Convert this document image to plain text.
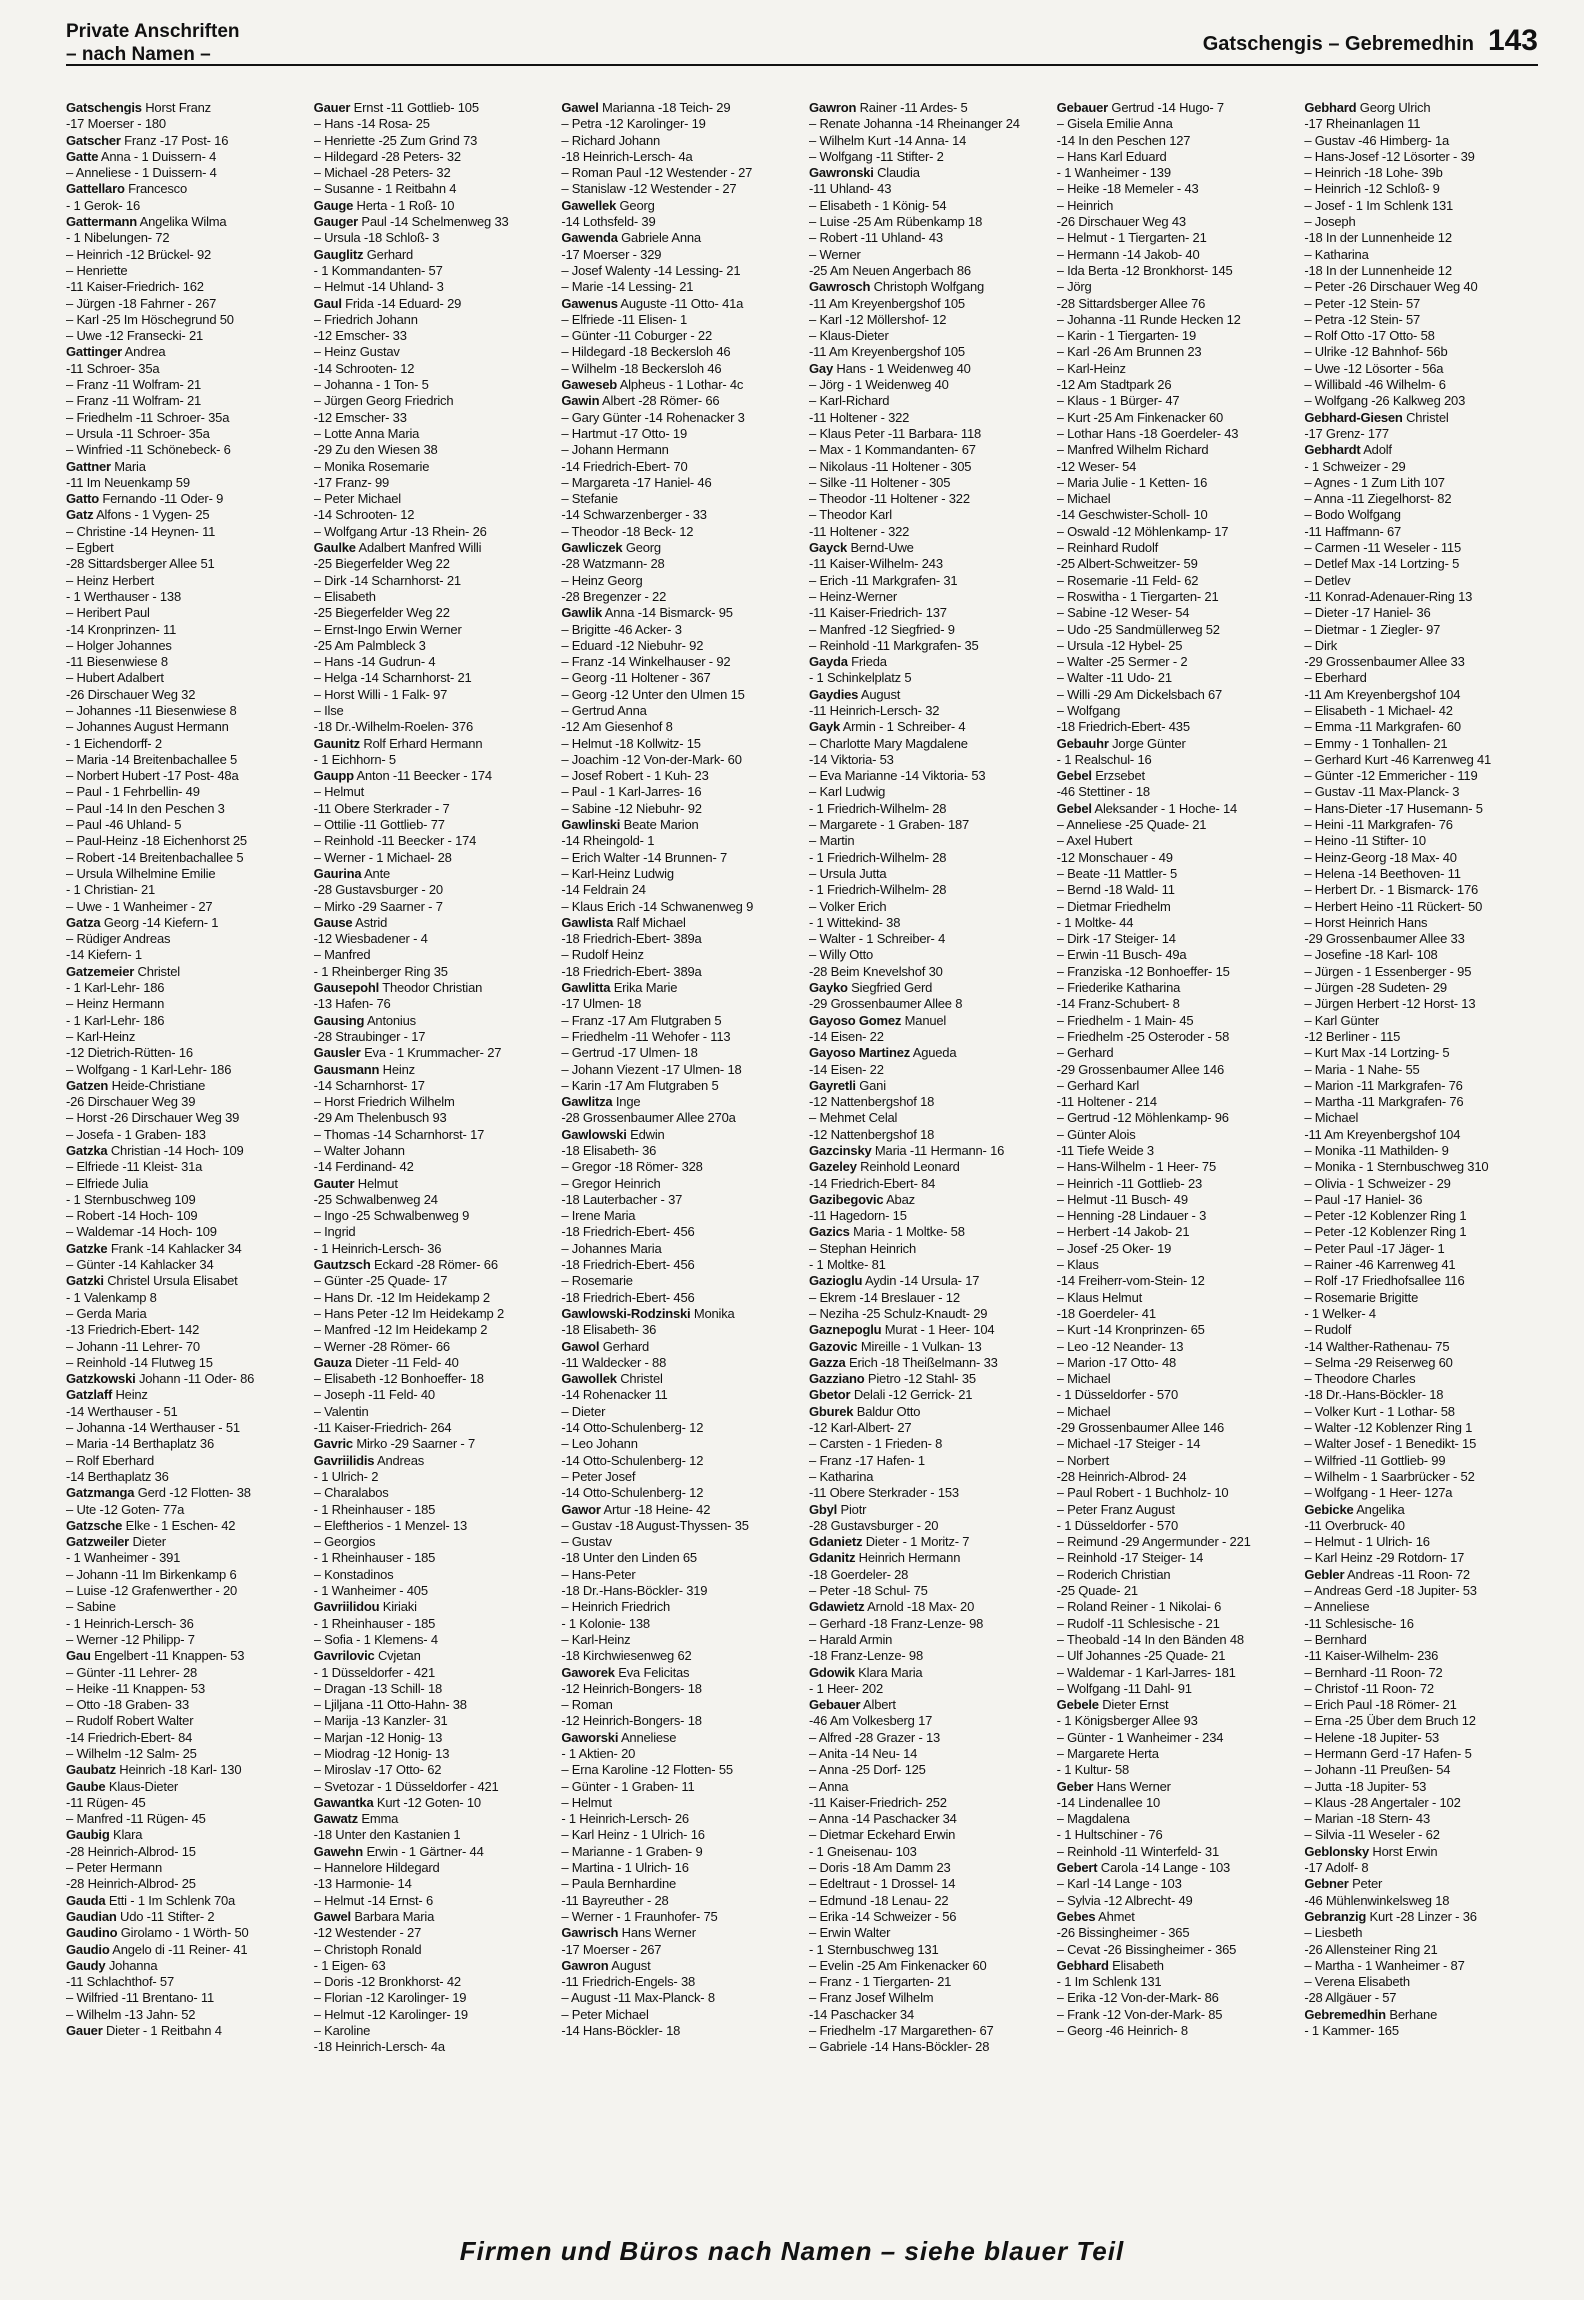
Private Anschriften
– nach Namen –	Gatschengis – Gebremedhin 143
Gatschengis Horst Franz
-17 Moerser - 180
Gatscher Franz -17 Post- 16
Gatte Anna - 1 Duissern- 4
– Anneliese - 1 Duissern- 4
Gattellaro Francesco
- 1 Gerok- 16
Gattermann Angelika Wilma
- 1 Nibelungen- 72
– Heinrich -12 Brückel- 92
– Henriette
-11 Kaiser-Friedrich- 162
– Jürgen -18 Fahrner - 267
– Karl -25 Im Höschegrund 50
– Uwe -12 Fransecki- 21
Gattinger Andrea
-11 Schroer- 35a
– Franz -11 Wolfram- 21
– Franz -11 Wolfram- 21
– Friedhelm -11 Schroer- 35a
– Ursula -11 Schroer- 35a
– Winfried -11 Schönebeck- 6
Gattner Maria
-11 Im Neuenkamp 59
Gatto Fernando -11 Oder- 9
Gatz Alfons - 1 Vygen- 25
– Christine -14 Heynen- 11
– Egbert
-28 Sittardsberger Allee 51
– Heinz Herbert
- 1 Werthauser - 138
– Heribert Paul
-14 Kronprinzen- 11
– Holger Johannes
-11 Biesenwiese 8
– Hubert Adalbert
-26 Dirschauer Weg 32
– Johannes -11 Biesenwiese 8
– Johannes August Hermann
- 1 Eichendorff- 2
– Maria -14 Breitenbachallee 5
– Norbert Hubert -17 Post- 48a
– Paul - 1 Fehrbellin- 49
– Paul -14 In den Peschen 3
– Paul -46 Uhland- 5
– Paul-Heinz -18 Eichenhorst 25
– Robert -14 Breitenbachallee 5
– Ursula Wilhelmine Emilie
- 1 Christian- 21
– Uwe - 1 Wanheimer - 27
Gatza Georg -14 Kiefern- 1
– Rüdiger Andreas
-14 Kiefern- 1
Gatzemeier Christel
- 1 Karl-Lehr- 186
– Heinz Hermann
- 1 Karl-Lehr- 186
– Karl-Heinz
-12 Dietrich-Rütten- 16
– Wolfgang - 1 Karl-Lehr- 186
Gatzen Heide-Christiane
-26 Dirschauer Weg 39
– Horst -26 Dirschauer Weg 39
– Josefa - 1 Graben- 183
Gatzka Christian -14 Hoch- 109
– Elfriede -11 Kleist- 31a
– Elfriede Julia
- 1 Sternbuschweg 109
– Robert -14 Hoch- 109
– Waldemar -14 Hoch- 109
Gatzke Frank -14 Kahlacker 34
– Günter -14 Kahlacker 34
Gatzki Christel Ursula Elisabet
- 1 Valenkamp 8
– Gerda Maria
-13 Friedrich-Ebert- 142
– Johann -11 Lehrer- 70
– Reinhold -14 Flutweg 15
Gatzkowski Johann -11 Oder- 86
Gatzlaff Heinz
-14 Werthauser - 51
– Johanna -14 Werthauser - 51
– Maria -14 Berthaplatz 36
– Rolf Eberhard
-14 Berthaplatz 36
Gatzmanga Gerd -12 Flotten- 38
– Ute -12 Goten- 77a
Gatzsche Elke - 1 Eschen- 42
Gatzweiler Dieter
- 1 Wanheimer - 391
– Johann -11 Im Birkenkamp 6
– Luise -12 Grafenwerther - 20
– Sabine
- 1 Heinrich-Lersch- 36
– Werner -12 Philipp- 7
Gau Engelbert -11 Knappen- 53
– Günter -11 Lehrer- 28
– Heike -11 Knappen- 53
– Otto -18 Graben- 33
– Rudolf Robert Walter
-14 Friedrich-Ebert- 84
– Wilhelm -12 Salm- 25
Gaubatz Heinrich -18 Karl- 130
Gaube Klaus-Dieter
-11 Rügen- 45
– Manfred -11 Rügen- 45
Gaubig Klara
-28 Heinrich-Albrod- 15
– Peter Hermann
-28 Heinrich-Albrod- 25
Gauda Etti - 1 Im Schlenk 70a
Gaudian Udo -11 Stifter- 2
Gaudino Girolamo - 1 Wörth- 50
Gaudio Angelo di -11 Reiner- 41
Gaudy Johanna
-11 Schlachthof- 57
– Wilfried -11 Brentano- 11
– Wilhelm -13 Jahn- 52
Gauer Dieter - 1 Reitbahn 4
Gauer Ernst -11 Gottlieb- 105
– Hans -14 Rosa- 25
– Henriette -25 Zum Grind 73
– Hildegard -28 Peters- 32
– Michael -28 Peters- 32
– Susanne - 1 Reitbahn 4
Gauge Herta - 1 Roß- 10
Gauger Paul -14 Schelmenweg 33
– Ursula -18 Schloß- 3
Gauglitz Gerhard
- 1 Kommandanten- 57
– Helmut -14 Uhland- 3
Gaul Frida -14 Eduard- 29
– Friedrich Johann
-12 Emscher- 33
– Heinz Gustav
-14 Schrooten- 12
– Johanna - 1 Ton- 5
– Jürgen Georg Friedrich
-12 Emscher- 33
– Lotte Anna Maria
-29 Zu den Wiesen 38
– Monika Rosemarie
-17 Franz- 99
– Peter Michael
-14 Schrooten- 12
– Wolfgang Artur -13 Rhein- 26
Gaulke Adalbert Manfred Willi
-25 Biegerfelder Weg 22
– Dirk -14 Scharnhorst- 21
– Elisabeth
-25 Biegerfelder Weg 22
– Ernst-Ingo Erwin Werner
-25 Am Palmbleck 3
– Hans -14 Gudrun- 4
– Helga -14 Scharnhorst- 21
– Horst Willi - 1 Falk- 97
– Ilse
-18 Dr.-Wilhelm-Roelen- 376
Gaunitz Rolf Erhard Hermann
- 1 Eichhorn- 5
Gaupp Anton -11 Beecker - 174
– Helmut
-11 Obere Sterkrader - 7
– Ottilie -11 Gottlieb- 77
– Reinhold -11 Beecker - 174
– Werner - 1 Michael- 28
Gaurina Ante
-28 Gustavsburger - 20
– Mirko -29 Saarner - 7
Gause Astrid
-12 Wiesbadener - 4
– Manfred
- 1 Rheinberger Ring 35
Gausepohl Theodor Christian
-13 Hafen- 76
Gausing Antonius
-28 Straubinger - 17
Gausler Eva - 1 Krummacher- 27
Gausmann Heinz
-14 Scharnhorst- 17
– Horst Friedrich Wilhelm
-29 Am Thelenbusch 93
– Thomas -14 Scharnhorst- 17
– Walter Johann
-14 Ferdinand- 42
Gauter Helmut
-25 Schwalbenweg 24
– Ingo -25 Schwalbenweg 9
– Ingrid
- 1 Heinrich-Lersch- 36
Gautzsch Eckard -28 Römer- 66
– Günter -25 Quade- 17
– Hans Dr. -12 Im Heidekamp 2
– Hans Peter -12 Im Heidekamp 2
– Manfred -12 Im Heidekamp 2
– Werner -28 Römer- 66
Gauza Dieter -11 Feld- 40
– Elisabeth -12 Bonhoeffer- 18
– Joseph -11 Feld- 40
– Valentin
-11 Kaiser-Friedrich- 264
Gavric Mirko -29 Saarner - 7
Gavriilidis Andreas
- 1 Ulrich- 2
– Charalabos
- 1 Rheinhauser - 185
– Eleftherios - 1 Menzel- 13
– Georgios
- 1 Rheinhauser - 185
– Konstadinos
- 1 Wanheimer - 405
Gavriilidou Kiriaki
- 1 Rheinhauser - 185
– Sofia - 1 Klemens- 4
Gavrilovic Cvjetan
- 1 Düsseldorfer - 421
– Dragan -13 Schill- 18
– Ljiljana -11 Otto-Hahn- 38
– Marija -13 Kanzler- 31
– Marjan -12 Honig- 13
– Miodrag -12 Honig- 13
– Miroslav -17 Otto- 62
– Svetozar - 1 Düsseldorfer - 421
Gawantka Kurt -12 Goten- 10
Gawatz Emma
-18 Unter den Kastanien 1
Gawehn Erwin - 1 Gärtner- 44
– Hannelore Hildegard
-13 Harmonie- 14
– Helmut -14 Ernst- 6
Gawel Barbara Maria
-12 Westender - 27
– Christoph Ronald
- 1 Eigen- 63
– Doris -12 Bronkhorst- 42
– Florian -12 Karolinger- 19
– Helmut -12 Karolinger- 19
– Karoline
-18 Heinrich-Lersch- 4a
Gawel Marianna -18 Teich- 29
– Petra -12 Karolinger- 19
– Richard Johann
-18 Heinrich-Lersch- 4a
– Roman Paul -12 Westender - 27
– Stanislaw -12 Westender - 27
Gawellek Georg
-14 Lothsfeld- 39
Gawenda Gabriele Anna
-17 Moerser - 329
– Josef Walenty -14 Lessing- 21
– Marie -14 Lessing- 21
Gawenus Auguste -11 Otto- 41a
– Elfriede -11 Elisen- 1
– Günter -11 Coburger - 22
– Hildegard -18 Beckersloh 46
– Wilhelm -18 Beckersloh 46
Gaweseb Alpheus - 1 Lothar- 4c
Gawin Albert -28 Römer- 66
– Gary Günter -14 Rohenacker 3
– Hartmut -17 Otto- 19
– Johann Hermann
-14 Friedrich-Ebert- 70
– Margareta -17 Haniel- 46
– Stefanie
-14 Schwarzenberger - 33
– Theodor -18 Beck- 12
Gawliczek Georg
-28 Watzmann- 28
– Heinz Georg
-28 Bregenzer - 22
Gawlik Anna -14 Bismarck- 95
– Brigitte -46 Acker- 3
– Eduard -12 Niebuhr- 92
– Franz -14 Winkelhauser - 92
– Georg -11 Holtener - 367
– Georg -12 Unter den Ulmen 15
– Gertrud Anna
-12 Am Giesenhof 8
– Helmut -18 Kollwitz- 15
– Joachim -12 Von-der-Mark- 60
– Josef Robert - 1 Kuh- 23
– Paul - 1 Karl-Jarres- 16
– Sabine -12 Niebuhr- 92
Gawlinski Beate Marion
-14 Rheingold- 1
– Erich Walter -14 Brunnen- 7
– Karl-Heinz Ludwig
-14 Feldrain 24
– Klaus Erich -14 Schwanenweg 9
Gawlista Ralf Michael
-18 Friedrich-Ebert- 389a
– Rudolf Heinz
-18 Friedrich-Ebert- 389a
Gawlitta Erika Marie
-17 Ulmen- 18
– Franz -17 Am Flutgraben 5
– Friedhelm -11 Wehofer - 113
– Gertrud -17 Ulmen- 18
– Johann Viezent -17 Ulmen- 18
– Karin -17 Am Flutgraben 5
Gawlitza Inge
-28 Grossenbaumer Allee 270a
Gawlowski Edwin
-18 Elisabeth- 36
– Gregor -18 Römer- 328
– Gregor Heinrich
-18 Lauterbacher - 37
– Irene Maria
-18 Friedrich-Ebert- 456
– Johannes Maria
-18 Friedrich-Ebert- 456
– Rosemarie
-18 Friedrich-Ebert- 456
Gawlowski-Rodzinski Monika
-18 Elisabeth- 36
Gawol Gerhard
-11 Waldecker - 88
Gawollek Christel
-14 Rohenacker 11
– Dieter
-14 Otto-Schulenberg- 12
– Leo Johann
-14 Otto-Schulenberg- 12
– Peter Josef
-14 Otto-Schulenberg- 12
Gawor Artur -18 Heine- 42
– Gustav -18 August-Thyssen- 35
– Gustav
-18 Unter den Linden 65
– Hans-Peter
-18 Dr.-Hans-Böckler- 319
– Heinrich Friedrich
- 1 Kolonie- 138
– Karl-Heinz
-18 Kirchwiesenweg 62
Gaworek Eva Felicitas
-12 Heinrich-Bongers- 18
– Roman
-12 Heinrich-Bongers- 18
Gaworski Anneliese
- 1 Aktien- 20
– Erna Karoline -12 Flotten- 55
– Günter - 1 Graben- 11
– Helmut
- 1 Heinrich-Lersch- 26
– Karl Heinz - 1 Ulrich- 16
– Marianne - 1 Graben- 9
– Martina - 1 Ulrich- 16
– Paula Bernhardine
-11 Bayreuther - 28
– Werner - 1 Fraunhofer- 75
Gawrisch Hans Werner
-17 Moerser - 267
Gawron August
-11 Friedrich-Engels- 38
– August -11 Max-Planck- 8
– Peter Michael
-14 Hans-Böckler- 18
Gawron Rainer -11 Ardes- 5
– Renate Johanna -14 Rheinanger 24
– Wilhelm Kurt -14 Anna- 14
– Wolfgang -11 Stifter- 2
Gawronski Claudia
-11 Uhland- 43
– Elisabeth - 1 König- 54
– Luise -25 Am Rübenkamp 18
– Robert -11 Uhland- 43
– Werner
-25 Am Neuen Angerbach 86
Gawrosch Christoph Wolfgang
-11 Am Kreyenbergshof 105
– Karl -12 Möllershof- 12
– Klaus-Dieter
-11 Am Kreyenbergshof 105
Gay Hans - 1 Weidenweg 40
– Jörg - 1 Weidenweg 40
– Karl-Richard
-11 Holtener - 322
– Klaus Peter -11 Barbara- 118
– Max - 1 Kommandanten- 67
– Nikolaus -11 Holtener - 305
– Silke -11 Holtener - 305
– Theodor -11 Holtener - 322
– Theodor Karl
-11 Holtener - 322
Gayck Bernd-Uwe
-11 Kaiser-Wilhelm- 243
– Erich -11 Markgrafen- 31
– Heinz-Werner
-11 Kaiser-Friedrich- 137
– Manfred -12 Siegfried- 9
– Reinhold -11 Markgrafen- 35
Gayda Frieda
- 1 Schinkelplatz 5
Gaydies August
-11 Heinrich-Lersch- 32
Gayk Armin - 1 Schreiber- 4
– Charlotte Mary Magdalene
-14 Viktoria- 53
– Eva Marianne -14 Viktoria- 53
– Karl Ludwig
- 1 Friedrich-Wilhelm- 28
– Margarete - 1 Graben- 187
– Martin
- 1 Friedrich-Wilhelm- 28
– Ursula Jutta
- 1 Friedrich-Wilhelm- 28
– Volker Erich
- 1 Wittekind- 38
– Walter - 1 Schreiber- 4
– Willy Otto
-28 Beim Knevelshof 30
Gayko Siegfried Gerd
-29 Grossenbaumer Allee 8
Gayoso Gomez Manuel
-14 Eisen- 22
Gayoso Martinez Agueda
-14 Eisen- 22
Gayretli Gani
-12 Nattenbergshof 18
– Mehmet Celal
-12 Nattenbergshof 18
Gazcinsky Maria -11 Hermann- 16
Gazeley Reinhold Leonard
-14 Friedrich-Ebert- 84
Gazibegovic Abaz
-11 Hagedorn- 15
Gazics Maria - 1 Moltke- 58
– Stephan Heinrich
- 1 Moltke- 81
Gazioglu Aydin -14 Ursula- 17
– Ekrem -14 Breslauer - 12
– Neziha -25 Schulz-Knaudt- 29
Gaznepoglu Murat - 1 Heer- 104
Gazovic Mireille - 1 Vulkan- 13
Gazza Erich -18 Theißelmann- 33
Gazziano Pietro -12 Stahl- 35
Gbetor Delali -12 Gerrick- 21
Gburek Baldur Otto
-12 Karl-Albert- 27
– Carsten - 1 Frieden- 8
– Franz -17 Hafen- 1
– Katharina
-11 Obere Sterkrader - 153
Gbyl Piotr
-28 Gustavsburger - 20
Gdanietz Dieter - 1 Moritz- 7
Gdanitz Heinrich Hermann
-18 Goerdeler- 28
– Peter -18 Schul- 75
Gdawietz Arnold -18 Max- 20
– Gerhard -18 Franz-Lenze- 98
– Harald Armin
-18 Franz-Lenze- 98
Gdowik Klara Maria
- 1 Heer- 202
Gebauer Albert
-46 Am Volkesberg 17
– Alfred -28 Grazer - 13
– Anita -14 Neu- 14
– Anna -25 Dorf- 125
– Anna
-11 Kaiser-Friedrich- 252
– Anna -14 Paschacker 34
– Dietmar Eckehard Erwin
- 1 Gneisenau- 103
– Doris -18 Am Damm 23
– Edeltraut - 1 Drossel- 14
– Edmund -18 Lenau- 22
– Erika -14 Schweizer - 56
– Erwin Walter
- 1 Sternbuschweg 131
– Evelin -25 Am Finkenacker 60
– Franz - 1 Tiergarten- 21
– Franz Josef Wilhelm
-14 Paschacker 34
– Friedhelm -17 Margarethen- 67
– Gabriele -14 Hans-Böckler- 28
Gebauer Gertrud -14 Hugo- 7
– Gisela Emilie Anna
-14 In den Peschen 127
– Hans Karl Eduard
- 1 Wanheimer - 139
– Heike -18 Memeler - 43
– Heinrich
-26 Dirschauer Weg 43
– Helmut - 1 Tiergarten- 21
– Hermann -14 Jakob- 40
– Ida Berta -12 Bronkhorst- 145
– Jörg
-28 Sittardsberger Allee 76
– Johanna -11 Runde Hecken 12
– Karin - 1 Tiergarten- 19
– Karl -26 Am Brunnen 23
– Karl-Heinz
-12 Am Stadtpark 26
– Klaus - 1 Bürger- 47
– Kurt -25 Am Finkenacker 60
– Lothar Hans -18 Goerdeler- 43
– Manfred Wilhelm Richard
-12 Weser- 54
– Maria Julie - 1 Ketten- 16
– Michael
-14 Geschwister-Scholl- 10
– Oswald -12 Möhlenkamp- 17
– Reinhard Rudolf
-25 Albert-Schweitzer- 59
– Rosemarie -11 Feld- 62
– Roswitha - 1 Tiergarten- 21
– Sabine -12 Weser- 54
– Udo -25 Sandmüllerweg 52
– Ursula -12 Hybel- 25
– Walter -25 Sermer - 2
– Walter -11 Udo- 21
– Willi -29 Am Dickelsbach 67
– Wolfgang
-18 Friedrich-Ebert- 435
Gebauhr Jorge Günter
- 1 Realschul- 16
Gebel Erzsebet
-46 Stettiner - 18
Gebel Aleksander - 1 Hoche- 14
– Anneliese -25 Quade- 21
– Axel Hubert
-12 Monschauer - 49
– Beate -11 Mattler- 5
– Bernd -18 Wald- 11
– Dietmar Friedhelm
- 1 Moltke- 44
– Dirk -17 Steiger- 14
– Erwin -11 Busch- 49a
– Franziska -12 Bonhoeffer- 15
– Friederike Katharina
-14 Franz-Schubert- 8
– Friedhelm - 1 Main- 45
– Friedhelm -25 Osteroder - 58
– Gerhard
-29 Grossenbaumer Allee 146
– Gerhard Karl
-11 Holtener - 214
– Gertrud -12 Möhlenkamp- 96
– Günter Alois
-11 Tiefe Weide 3
– Hans-Wilhelm - 1 Heer- 75
– Heinrich -11 Gottlieb- 23
– Helmut -11 Busch- 49
– Henning -28 Lindauer - 3
– Herbert -14 Jakob- 21
– Josef -25 Oker- 19
– Klaus
-14 Freiherr-vom-Stein- 12
– Klaus Helmut
-18 Goerdeler- 41
– Kurt -14 Kronprinzen- 65
– Leo -12 Neander- 13
– Marion -17 Otto- 48
– Michael
- 1 Düsseldorfer - 570
– Michael
-29 Grossenbaumer Allee 146
– Michael -17 Steiger - 14
– Norbert
-28 Heinrich-Albrod- 24
– Paul Robert - 1 Buchholz- 10
– Peter Franz August
- 1 Düsseldorfer - 570
– Reimund -29 Angermunder - 221
– Reinhold -17 Steiger- 14
– Roderich Christian
-25 Quade- 21
– Roland Reiner - 1 Nikolai- 6
– Rudolf -11 Schlesische - 21
– Theobald -14 In den Bänden 48
– Ulf Johannes -25 Quade- 21
– Waldemar - 1 Karl-Jarres- 181
– Wolfgang -11 Dahl- 91
Gebele Dieter Ernst
- 1 Königsberger Allee 93
– Günter - 1 Wanheimer - 234
– Margarete Herta
- 1 Kultur- 58
Geber Hans Werner
-14 Lindenallee 10
– Magdalena
- 1 Hultschiner - 76
– Reinhold -11 Winterfeld- 31
Gebert Carola -14 Lange - 103
– Karl -14 Lange - 103
– Sylvia -12 Albrecht- 49
Gebes Ahmet
-26 Bissingheimer - 365
– Cevat -26 Bissingheimer - 365
Gebhard Elisabeth
- 1 Im Schlenk 131
– Erika -12 Von-der-Mark- 86
– Frank -12 Von-der-Mark- 85
– Georg -46 Heinrich- 8
Gebhard Georg Ulrich
-17 Rheinanlagen 11
– Gustav -46 Himberg- 1a
– Hans-Josef -12 Lösorter - 39
– Heinrich -18 Lohe- 39b
– Heinrich -12 Schloß- 9
– Josef - 1 Im Schlenk 131
– Joseph
-18 In der Lunnenheide 12
– Katharina
-18 In der Lunnenheide 12
– Peter -26 Dirschauer Weg 40
– Peter -12 Stein- 57
– Petra -12 Stein- 57
– Rolf Otto -17 Otto- 58
– Ulrike -12 Bahnhof- 56b
– Uwe -12 Lösorter - 56a
– Willibald -46 Wilhelm- 6
– Wolfgang -26 Kalkweg 203
Gebhard-Giesen Christel
-17 Grenz- 177
Gebhardt Adolf
- 1 Schweizer - 29
– Agnes - 1 Zum Lith 107
– Anna -11 Ziegelhorst- 82
– Bodo Wolfgang
-11 Haffmann- 67
– Carmen -11 Weseler - 115
– Detlef Max -14 Lortzing- 5
– Detlev
-11 Konrad-Adenauer-Ring 13
– Dieter -17 Haniel- 36
– Dietmar - 1 Ziegler- 97
– Dirk
-29 Grossenbaumer Allee 33
– Eberhard
-11 Am Kreyenbergshof 104
– Elisabeth - 1 Michael- 42
– Emma -11 Markgrafen- 60
– Emmy - 1 Tonhallen- 21
– Gerhard Kurt -46 Karrenweg 41
– Günter -12 Emmericher - 119
– Gustav -11 Max-Planck- 3
– Hans-Dieter -17 Husemann- 5
– Heini -11 Markgrafen- 76
– Heino -11 Stifter- 10
– Heinz-Georg -18 Max- 40
– Helena -14 Beethoven- 11
– Herbert Dr. - 1 Bismarck- 176
– Herbert Heino -11 Rückert- 50
– Horst Heinrich Hans
-29 Grossenbaumer Allee 33
– Josefine -18 Karl- 108
– Jürgen - 1 Essenberger - 95
– Jürgen -28 Sudeten- 29
– Jürgen Herbert -12 Horst- 13
– Karl Günter
-12 Berliner - 115
– Kurt Max -14 Lortzing- 5
– Maria - 1 Nahe- 55
– Marion -11 Markgrafen- 76
– Martha -11 Markgrafen- 76
– Michael
-11 Am Kreyenbergshof 104
– Monika -11 Mathilden- 9
– Monika - 1 Sternbuschweg 310
– Olivia - 1 Schweizer - 29
– Paul -17 Haniel- 36
– Peter -12 Koblenzer Ring 1
– Peter -12 Koblenzer Ring 1
– Peter Paul -17 Jäger- 1
– Rainer -46 Karrenweg 41
– Rolf -17 Friedhofsallee 116
– Rosemarie Brigitte
- 1 Welker- 4
– Rudolf
-14 Walther-Rathenau- 75
– Selma -29 Reiserweg 60
– Theodore Charles
-18 Dr.-Hans-Böckler- 18
– Volker Kurt - 1 Lothar- 58
– Walter -12 Koblenzer Ring 1
– Walter Josef - 1 Benedikt- 15
– Wilfried -11 Gottlieb- 99
– Wilhelm - 1 Saarbrücker - 52
– Wolfgang - 1 Heer- 127a
Gebicke Angelika
-11 Overbruck- 40
– Helmut - 1 Ulrich- 16
– Karl Heinz -29 Rotdorn- 17
Gebler Andreas -11 Roon- 72
– Andreas Gerd -18 Jupiter- 53
– Anneliese
-11 Schlesische- 16
– Bernhard
-11 Kaiser-Wilhelm- 236
– Bernhard -11 Roon- 72
– Christof -11 Roon- 72
– Erich Paul -18 Römer- 21
– Erna -25 Über dem Bruch 12
– Helene -18 Jupiter- 53
– Hermann Gerd -17 Hafen- 5
– Johann -11 Preußen- 54
– Jutta -18 Jupiter- 53
– Klaus -28 Angertaler - 102
– Marian -18 Stern- 43
– Silvia -11 Weseler - 62
Geblonsky Horst Erwin
-17 Adolf- 8
Gebner Peter
-46 Mühlenwinkelsweg 18
Gebranzig Kurt -28 Linzer - 36
– Liesbeth
-26 Allensteiner Ring 21
– Martha - 1 Wanheimer - 87
– Verena Elisabeth
-28 Allgäuer - 57
Gebremedhin Berhane
- 1 Kammer- 165
Firmen und Büros nach Namen – siehe blauer Teil
